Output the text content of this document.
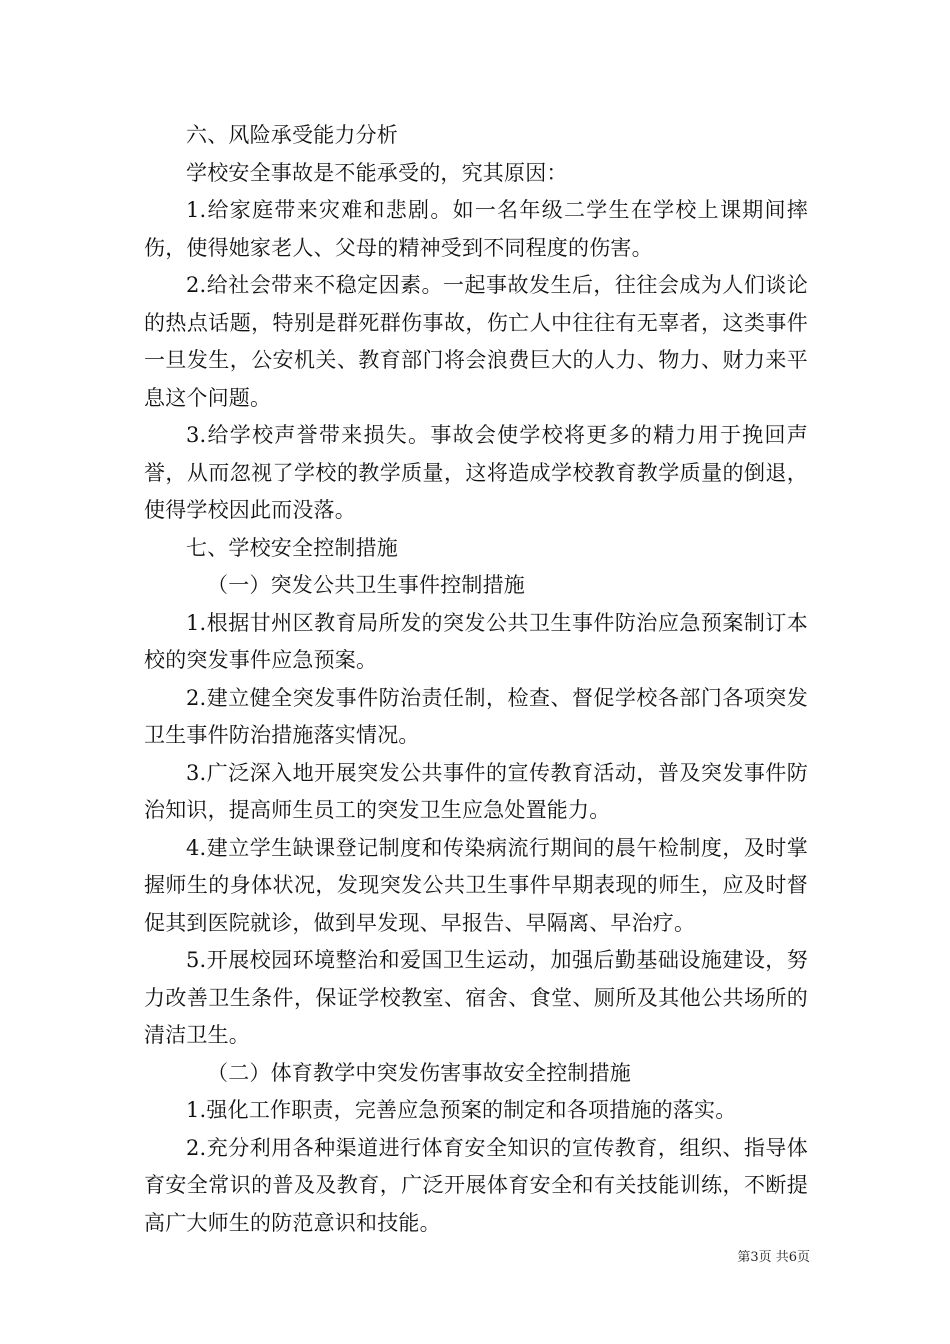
六、风险承受能力分析

学校安全事故是不能承受的，究其原因：

1.给家庭带来灾难和悲剧。如一名年级二学生在学校上课期间摔伤，使得她家老人、父母的精神受到不同程度的伤害。

2.给社会带来不稳定因素。一起事故发生后，往往会成为人们谈论的热点话题，特别是群死群伤事故，伤亡人中往往有无辜者，这类事件一旦发生，公安机关、教育部门将会浪费巨大的人力、物力、财力来平息这个问题。

3.给学校声誉带来损失。事故会使学校将更多的精力用于挽回声誉，从而忽视了学校的教学质量，这将造成学校教育教学质量的倒退，使得学校因此而没落。

七、学校安全控制措施

（一）突发公共卫生事件控制措施

1.根据甘州区教育局所发的突发公共卫生事件防治应急预案制订本校的突发事件应急预案。

2.建立健全突发事件防治责任制，检查、督促学校各部门各项突发卫生事件防治措施落实情况。

3.广泛深入地开展突发公共事件的宣传教育活动，普及突发事件防治知识，提高师生员工的突发卫生应急处置能力。

4.建立学生缺课登记制度和传染病流行期间的晨午检制度，及时掌握师生的身体状况，发现突发公共卫生事件早期表现的师生，应及时督促其到医院就诊，做到早发现、早报告、早隔离、早治疗。

5.开展校园环境整治和爱国卫生运动，加强后勤基础设施建设，努力改善卫生条件，保证学校教室、宿舍、食堂、厕所及其他公共场所的清洁卫生。

（二）体育教学中突发伤害事故安全控制措施

1.强化工作职责，完善应急预案的制定和各项措施的落实。

2.充分利用各种渠道进行体育安全知识的宣传教育，组织、指导体育安全常识的普及及教育，广泛开展体育安全和有关技能训练，不断提高广大师生的防范意识和技能。

第3页 共6页
